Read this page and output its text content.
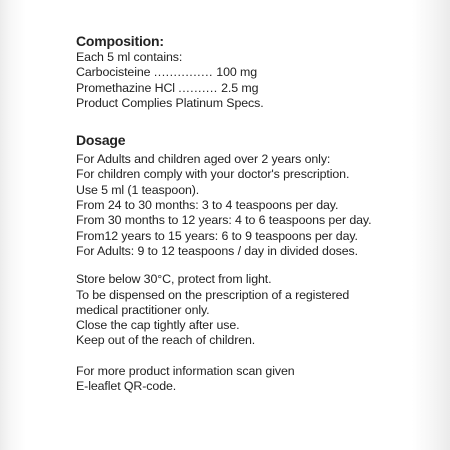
Composition:

Each 5 ml contains:

Carbocisteine ............... 100 mg

Promethazine HCl .......... 2.5 mg

Product Complies Platinum Specs.

Dosage

For Adults and children aged over 2 years only:

For children comply with your doctor's prescription.

Use 5 ml (1 teaspoon).

From 24 to 30 months: 3 to 4 teaspoons per day.

From 30 months to 12 years: 4 to 6 teaspoons per day.

From12 years to 15 years: 6 to 9 teaspoons per day.

For Adults: 9 to 12 teaspoons / day in divided doses.

Store below 30°C, protect from light.

To be dispensed on the prescription of a registered

medical practitioner only.

Close the cap tightly after use.

Keep out of the reach of children.

For more product information scan given

E-leaflet QR-code.
